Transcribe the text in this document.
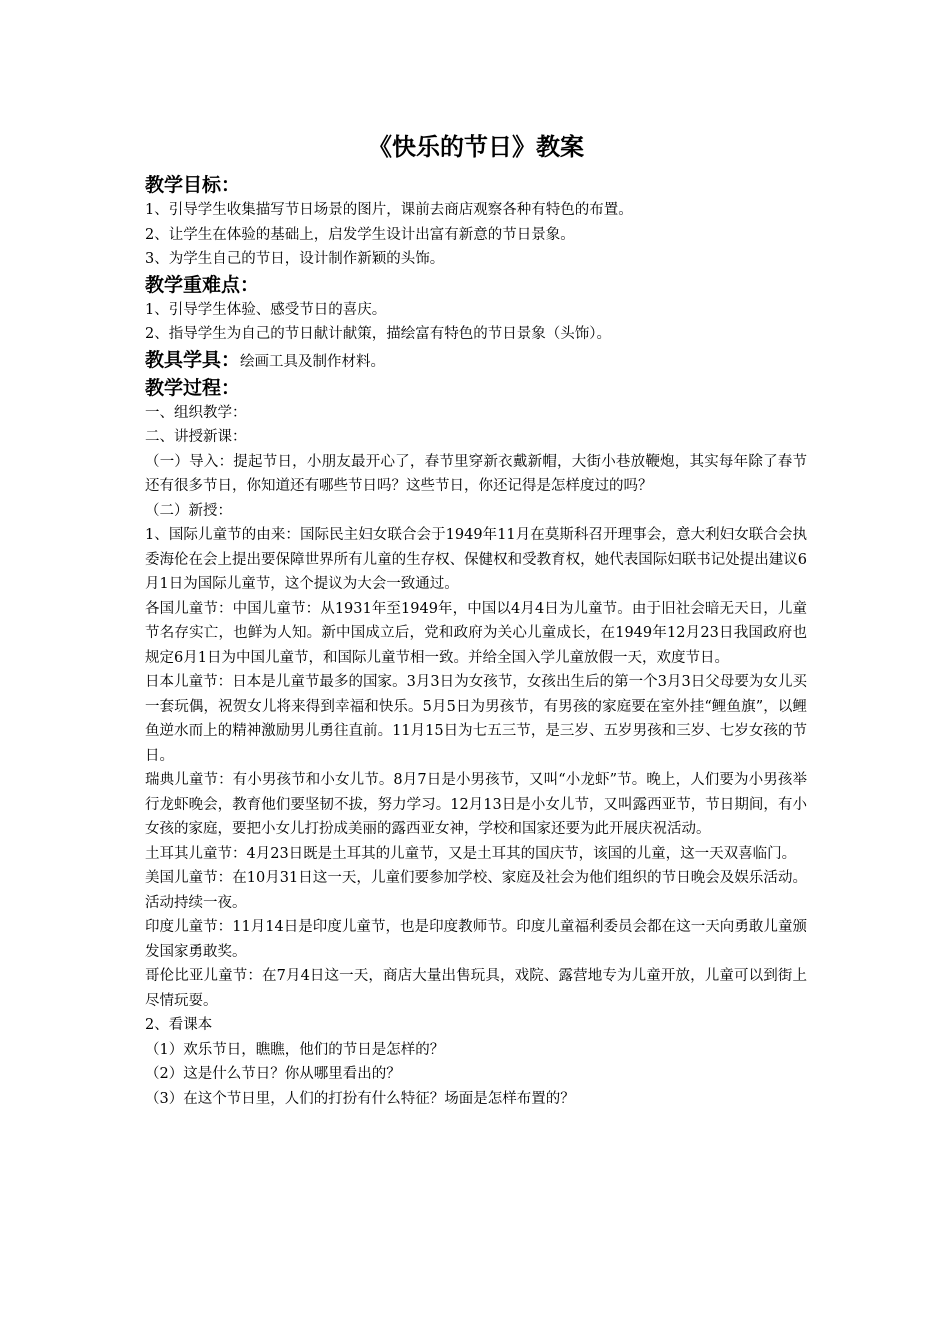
《快乐的节日》教案
教学目标：

1、引导学生收集描写节日场景的图片，课前去商店观察各种有特色的布置。

2、让学生在体验的基础上，启发学生设计出富有新意的节日景象。

3、为学生自己的节日，设计制作新颖的头饰。

教学重难点：

1、引导学生体验、感受节日的喜庆。

2、指导学生为自己的节日献计献策，描绘富有特色的节日景象（头饰）。

教具学具：绘画工具及制作材料。

教学过程：

一、组织教学：

二、讲授新课：

（一）导入：提起节日，小朋友最开心了，春节里穿新衣戴新帽，大街小巷放鞭炮，其实每年除了春节还有很多节日，你知道还有哪些节日吗？这些节日，你还记得是怎样度过的吗？

（二）新授：

1、国际儿童节的由来：国际民主妇女联合会于1949年11月在莫斯科召开理事会，意大利妇女联合会执委海伦在会上提出要保障世界所有儿童的生存权、保健权和受教育权，她代表国际妇联书记处提出建议6月1日为国际儿童节，这个提议为大会一致通过。

各国儿童节：中国儿童节：从1931年至1949年，中国以4月4日为儿童节。由于旧社会暗无天日，儿童节名存实亡，也鲜为人知。新中国成立后，党和政府为关心儿童成长，在1949年12月23日我国政府也规定6月1日为中国儿童节，和国际儿童节相一致。并给全国入学儿童放假一天，欢度节日。

日本儿童节：日本是儿童节最多的国家。3月3日为女孩节，女孩出生后的第一个3月3日父母要为女儿买一套玩偶，祝贺女儿将来得到幸福和快乐。5月5日为男孩节，有男孩的家庭要在室外挂“鲤鱼旗”，以鲤鱼逆水而上的精神激励男儿勇往直前。11月15日为七五三节，是三岁、五岁男孩和三岁、七岁女孩的节日。

瑞典儿童节：有小男孩节和小女儿节。8月7日是小男孩节，又叫“小龙虾”节。晚上，人们要为小男孩举行龙虾晚会，教育他们要坚韧不拔，努力学习。12月13日是小女儿节，又叫露西亚节，节日期间，有小女孩的家庭，要把小女儿打扮成美丽的露西亚女神，学校和国家还要为此开展庆祝活动。

土耳其儿童节：4月23日既是土耳其的儿童节，又是土耳其的国庆节，该国的儿童，这一天双喜临门。

美国儿童节：在10月31日这一天，儿童们要参加学校、家庭及社会为他们组织的节日晚会及娱乐活动。活动持续一夜。

印度儿童节：11月14日是印度儿童节，也是印度教师节。印度儿童福利委员会都在这一天向勇敢儿童颁发国家勇敢奖。

哥伦比亚儿童节：在7月4日这一天，商店大量出售玩具，戏院、露营地专为儿童开放，儿童可以到街上尽情玩耍。

2、看课本

（1）欢乐节日，瞧瞧，他们的节日是怎样的？

（2）这是什么节日？你从哪里看出的？

（3）在这个节日里，人们的打扮有什么特征？场面是怎样布置的？
